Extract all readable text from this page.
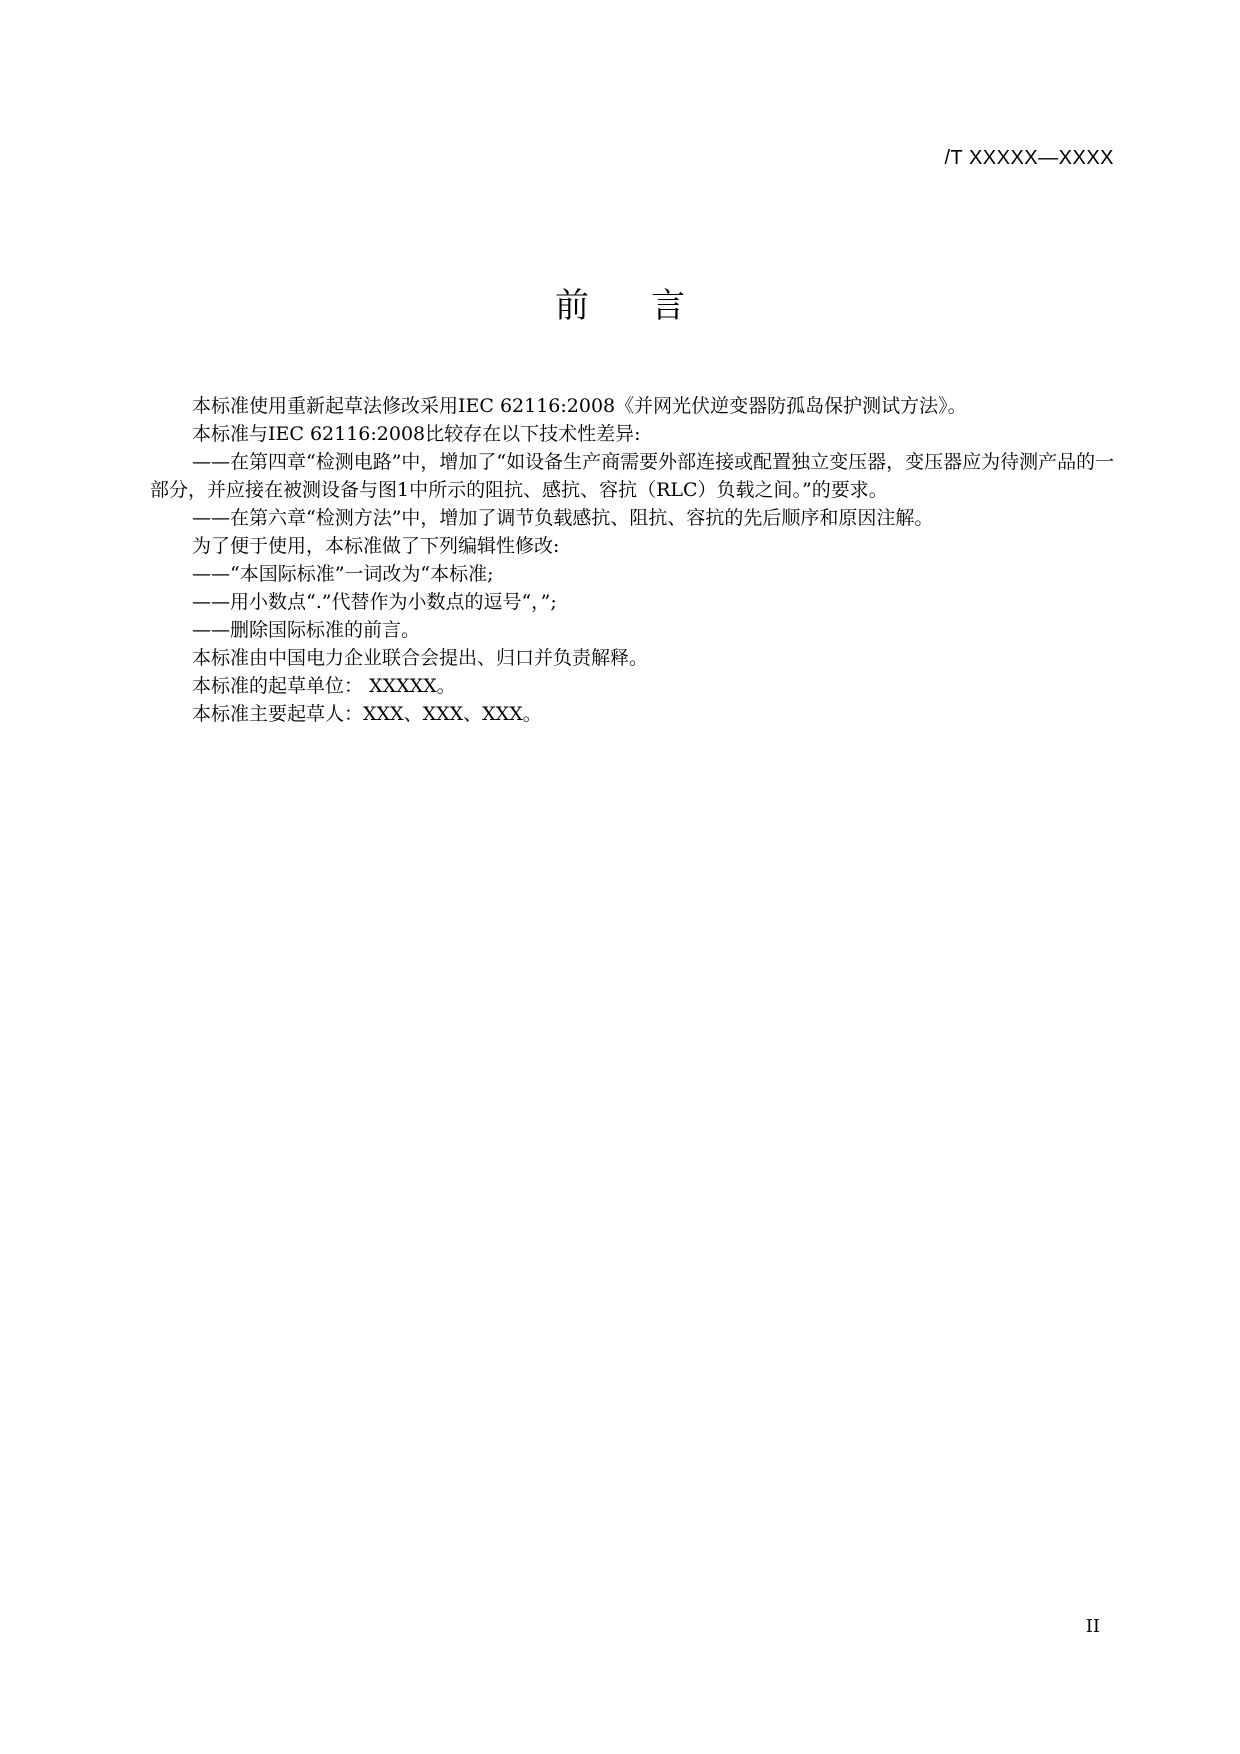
/T XXXXX—XXXX
前言

本标准使用重新起草法修改采用IEC 62116:2008《并网光伏逆变器防孤岛保护测试方法》。

本标准与IEC 62116:2008比较存在以下技术性差异:

——在第四章“检测电路”中，增加了“如设备生产商需要外部连接或配置独立变压器，变压器应为待测产品的一部分，并应接在被测设备与图1中所示的阻抗、感抗、容抗（RLC）负载之间。”的要求。

——在第六章“检测方法”中，增加了调节负载感抗、阻抗、容抗的先后顺序和原因注解。

为了便于使用，本标准做了下列编辑性修改:

——“本国际标准”一词改为“本标准;

——用小数点“.”代替作为小数点的逗号“，”;

——删除国际标准的前言。

本标准由中国电力企业联合会提出、归口并负责解释。

本标准的起草单位： XXXXX。

本标准主要起草人：XXX、XXX、XXX。

II
